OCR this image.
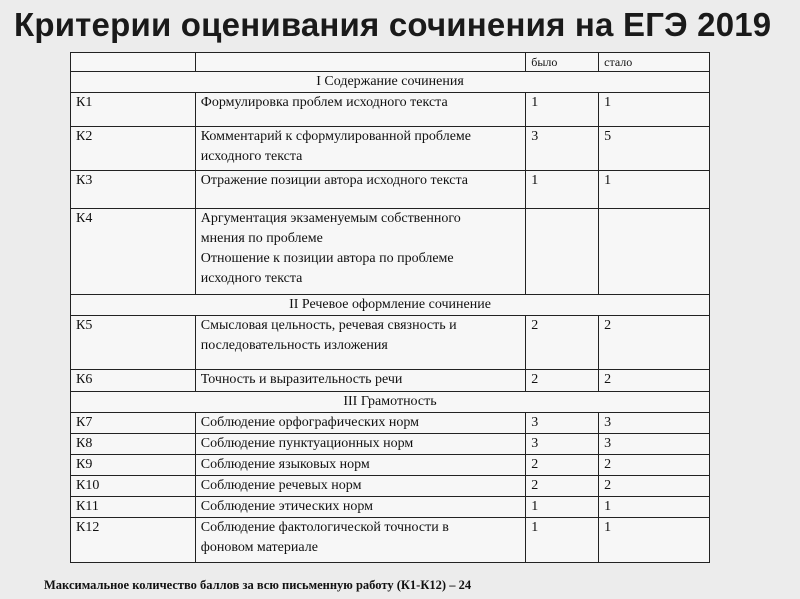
Критерии оценивания сочинения на ЕГЭ 2019
		было	стало
I Содержание сочинения			
К1	Формулировка проблем исходного текста	1	1
К2	Комментарий к сформулированной проблеме
исходного текста	3	5
К3	Отражение позиции автора исходного текста	1	1
К4	Аргументация экзаменуемым собственного
мнения по проблеме
Отношение к позиции автора по проблеме
исходного текста		

II Речевое оформление сочинение			
К5	Смысловая цельность, речевая связность и
последовательность изложения	2	2
К6	Точность и выразительность речи	2	2
III Грамотность			
К7	Соблюдение орфографических норм	3	3
К8	Соблюдение пунктуационных норм	3	3
К9	Соблюдение языковых норм	2	2
К10	Соблюдение речевых норм	2	2
К11	Соблюдение этических норм	1	1
К12	Соблюдение фактологической точности в
фоновом материале	1	1
Максимальное количество баллов за всю письменную работу (К1-К12) – 24
